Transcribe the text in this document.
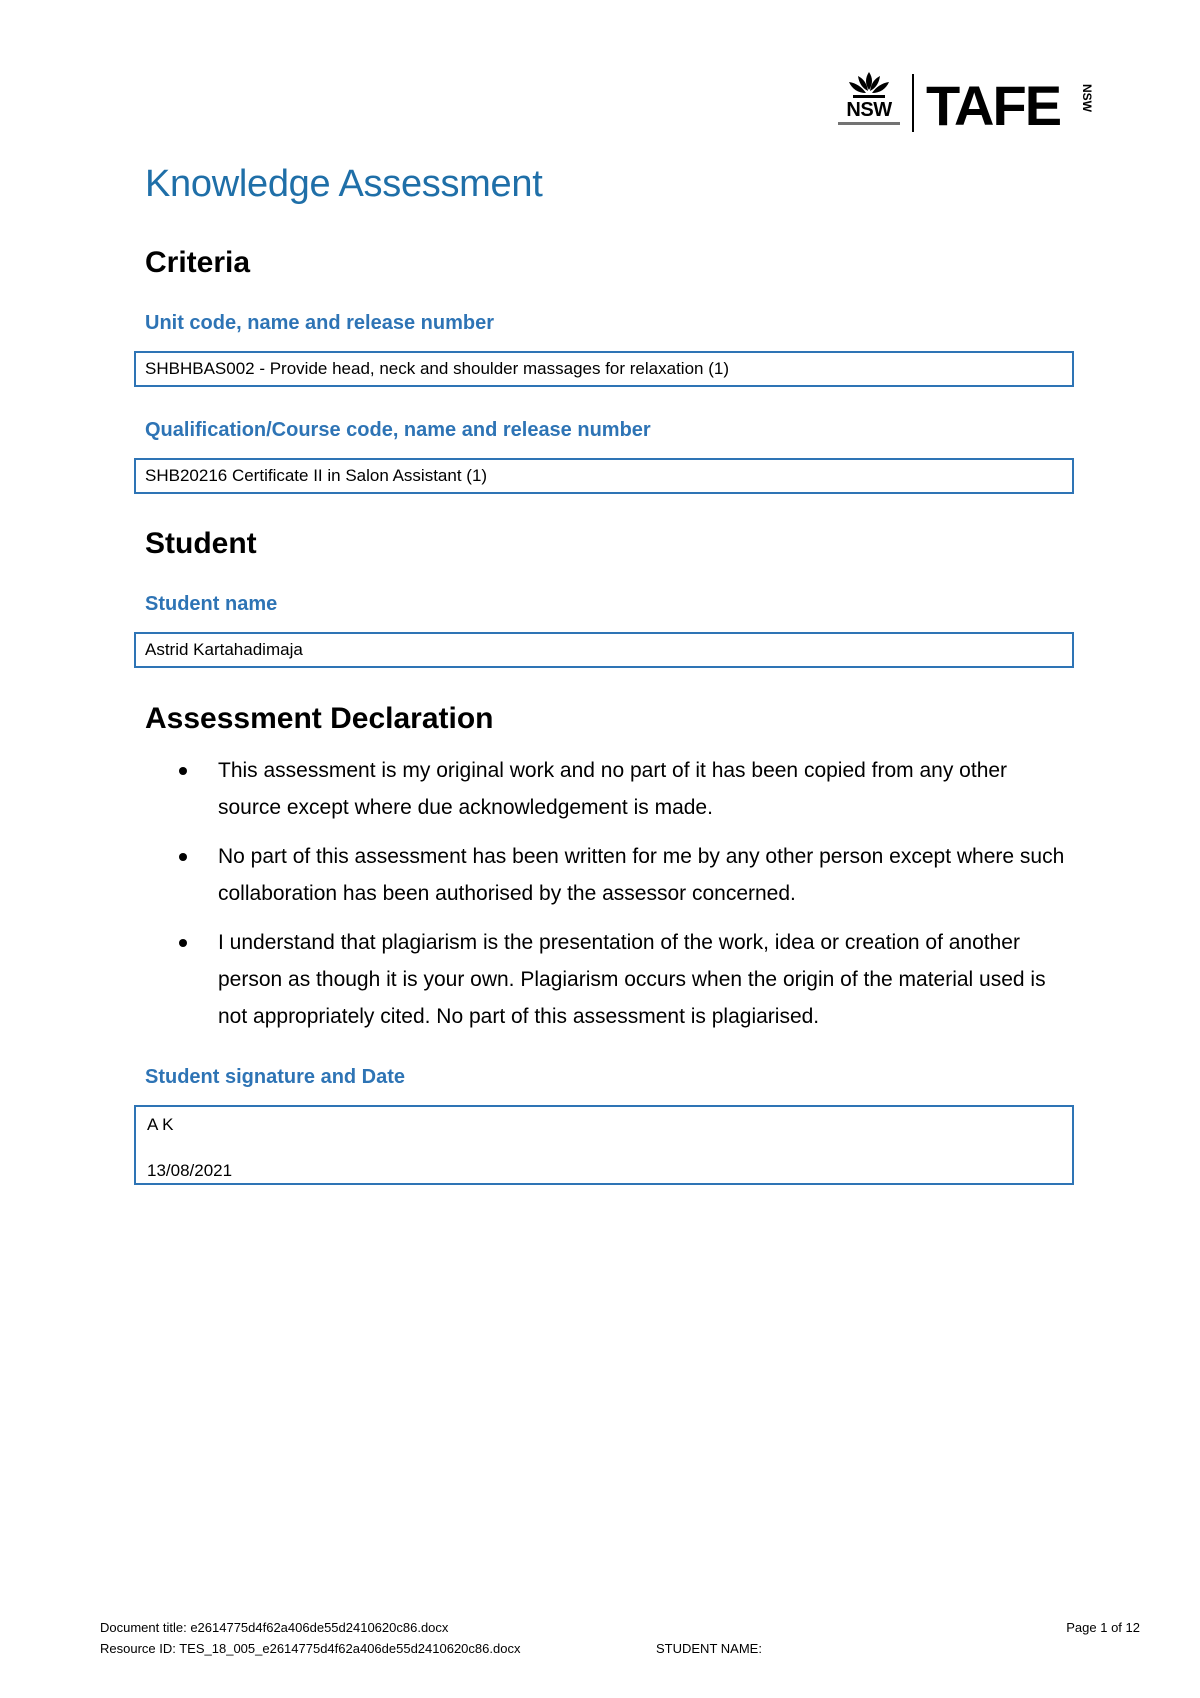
NSW TAFE NSW
Knowledge Assessment
Criteria
Unit code, name and release number
SHBHBAS002 - Provide head, neck and shoulder massages for relaxation (1)
Qualification/Course code, name and release number
SHB20216 Certificate II in Salon Assistant (1)
Student
Student name
Astrid Kartahadimaja
Assessment Declaration
This assessment is my original work and no part of it has been copied from any other source except where due acknowledgement is made.
No part of this assessment has been written for me by any other person except where such collaboration has been authorised by the assessor concerned.
I understand that plagiarism is the presentation of the work, idea or creation of another person as though it is your own. Plagiarism occurs when the origin of the material used is not appropriately cited. No part of this assessment is plagiarised.
Student signature and Date
A K
13/08/2021
Document title: e2614775d4f62a406de55d2410620c86.docx	Page 1 of 12
Resource ID: TES_18_005_e2614775d4f62a406de55d2410620c86.docx	STUDENT NAME:
